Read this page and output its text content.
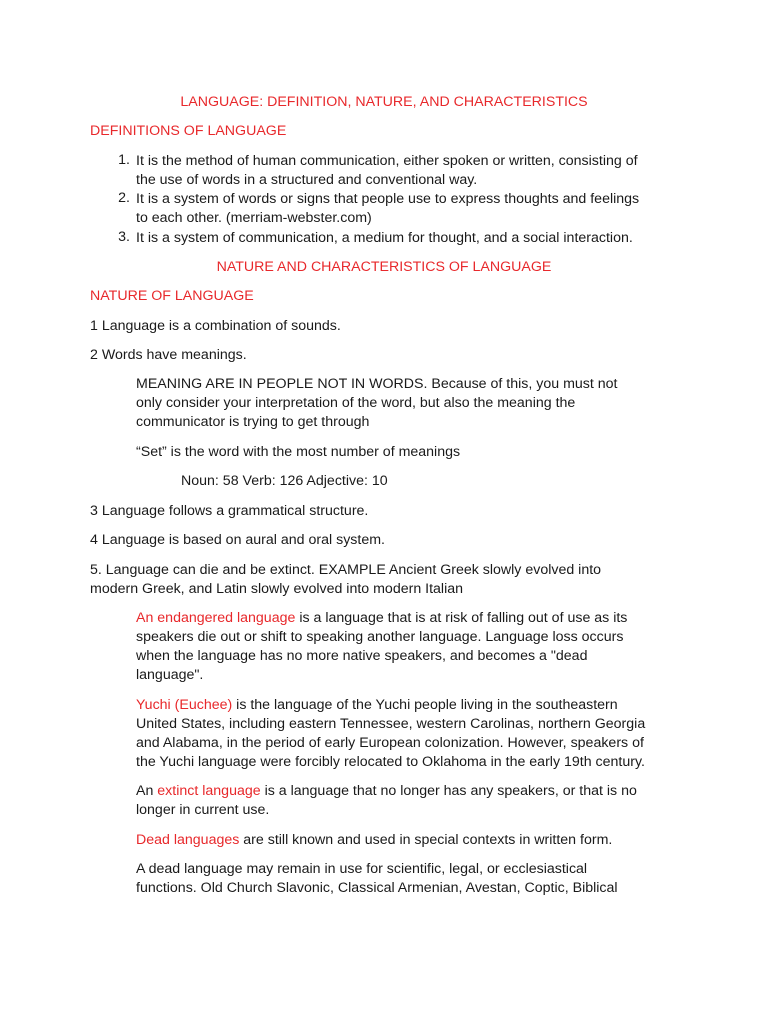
LANGUAGE: DEFINITION, NATURE, AND CHARACTERISTICS
DEFINITIONS OF LANGUAGE
1. It is the method of human communication, either spoken or written, consisting of
the use of words in a structured and conventional way.
2. It is a system of words or signs that people use to express thoughts and feelings
to each other. (merriam-webster.com)
3. It is a system of communication, a medium for thought, and a social interaction.
NATURE AND CHARACTERISTICS OF LANGUAGE
NATURE OF LANGUAGE
1 Language is a combination of sounds.
2 Words have meanings.
MEANING ARE IN PEOPLE NOT IN WORDS. Because of this, you must not
only consider your interpretation of the word, but also the meaning the
communicator is trying to get through
“Set” is the word with the most number of meanings
Noun: 58 Verb: 126 Adjective: 10
3 Language follows a grammatical structure.
4 Language is based on aural and oral system.
5. Language can die and be extinct. EXAMPLE Ancient Greek slowly evolved into
modern Greek, and Latin slowly evolved into modern Italian
An endangered language is a language that is at risk of falling out of use as its
speakers die out or shift to speaking another language. Language loss occurs
when the language has no more native speakers, and becomes a "dead
language".
Yuchi (Euchee) is the language of the Yuchi people living in the southeastern
United States, including eastern Tennessee, western Carolinas, northern Georgia
and Alabama, in the period of early European colonization. However, speakers of
the Yuchi language were forcibly relocated to Oklahoma in the early 19th century.
An extinct language is a language that no longer has any speakers, or that is no
longer in current use.
Dead languages are still known and used in special contexts in written form.
A dead language may remain in use for scientific, legal, or ecclesiastical
functions. Old Church Slavonic, Classical Armenian, Avestan, Coptic, Biblical
